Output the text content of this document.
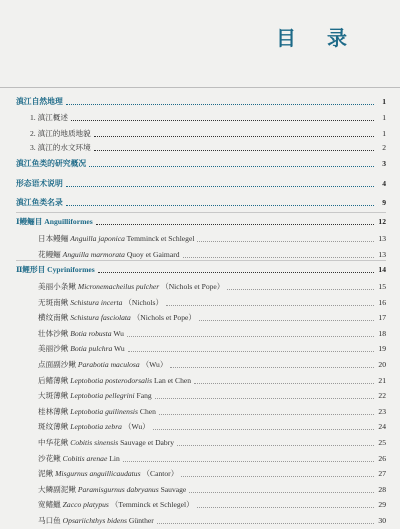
目 录
滇江自然地理	1
1. 滇江概述	1
2. 滇江的地质地貌	1
3. 滇江的水文环境	2
滇江鱼类的研究概况	3
形态语术说明	4
滇江鱼类名录	9
Ⅰ鳗鲡目 Anguilliformes	12
日本鳗鲡 Anguilla japonica Temminck et Schlegel	13
花鳗鲡 Anguilla marmorata Quoy et Gaimard	13
Ⅱ鲤形目 Cypriniformes	14
美丽小条鳅 Micronemacheilus pulcher （Nichols et Pope）	15
无斑南鳅 Schistura incerta （Nichols）	16
横纹南鳅 Schistura fasciolata （Nichols et Pope）	17
壮体沙鳅 Botia robusta Wu	18
美丽沙鳅 Botia pulchra Wu	19
点面副沙鳅 Parabotia maculosa （Wu）	20
后鳍薄鳅 Leptobotia posterodorsalis Lan et Chen	21
大斑薄鳅 Leptobotia pellegrini Fang	22
桂林薄鳅 Leptobotia guilinensis Chen	23
斑纹薄鳅 Leptobotia zebra （Wu）	24
中华花鳅 Cobitis sinensis Sauvage et Dabry	25
沙花鳅 Cobitis arenae Lin	26
泥鳅 Misgurnus anguillicaudatus （Cantor）	27
大鳞副泥鳅 Paramisgurnus dabryanus Sauvage	28
宽鳍鱲 Zacco platypus （Temminck et Schlegel）	29
马口鱼 Opsariichthys bidens Günther	30
